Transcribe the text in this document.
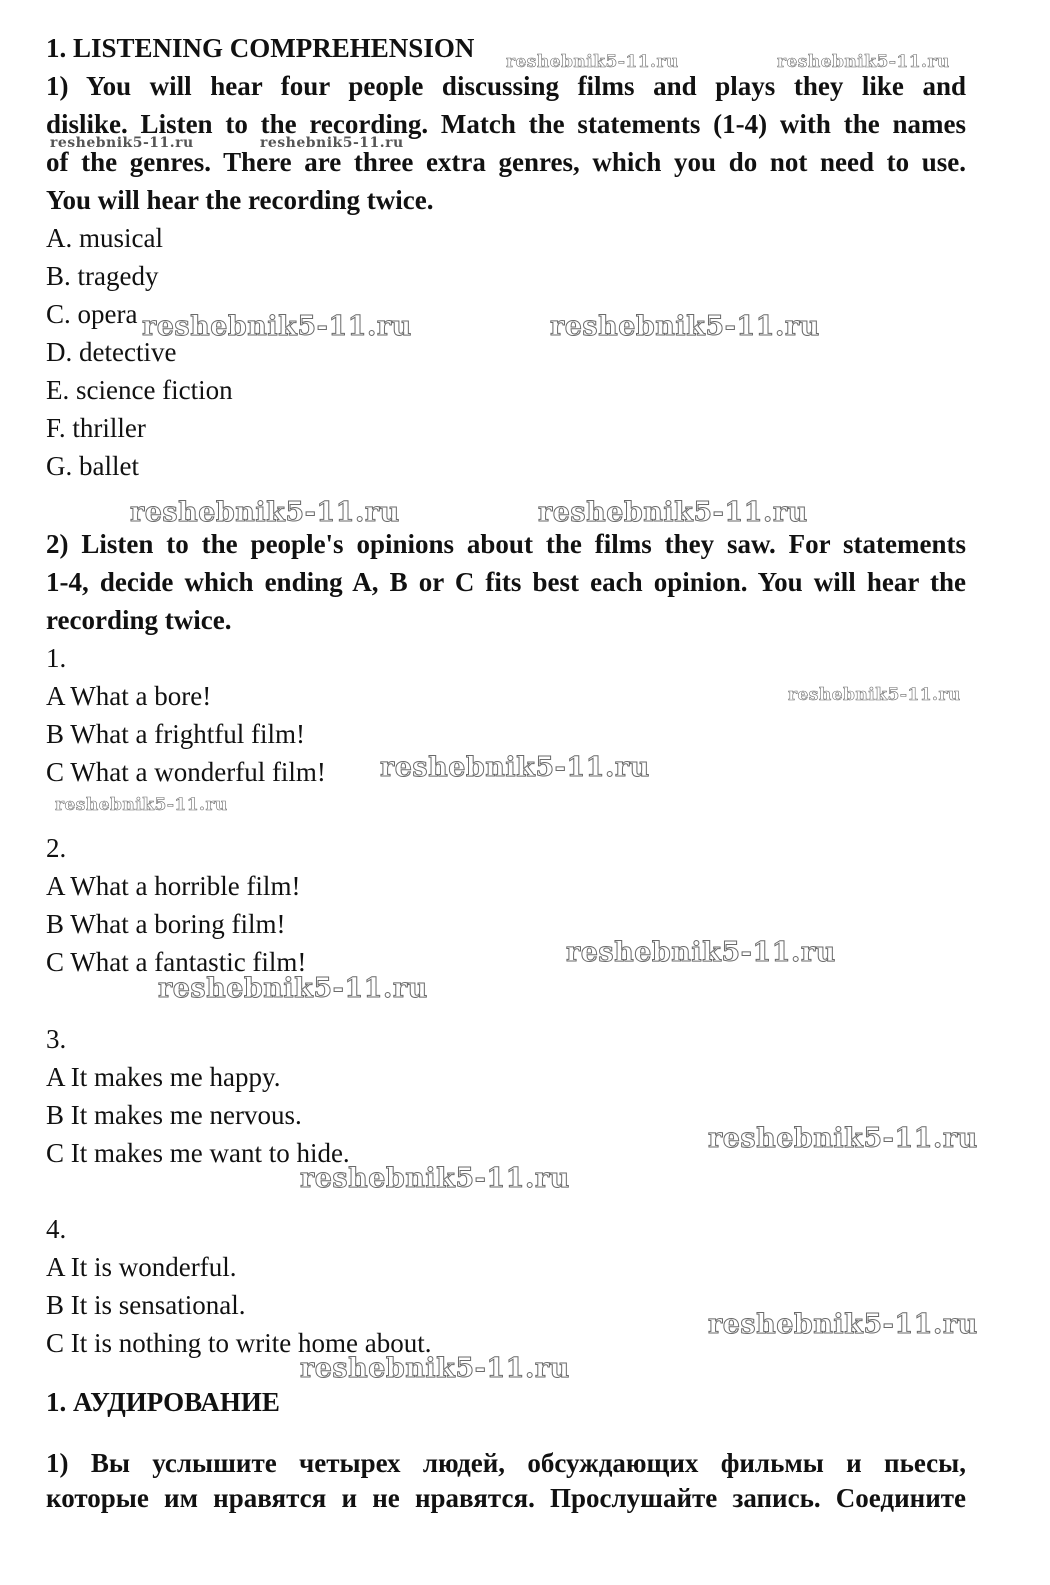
1. LISTENING COMPREHENSION
1) You will hear four people discussing films and plays they like and
dislike. Listen to the recording. Match the statements (1-4) with the names
of the genres. There are three extra genres, which you do not need to use.
You will hear the recording twice.
A. musical
B. tragedy
C. opera
D. detective
E. science fiction
F. thriller
G. ballet
2) Listen to the people's opinions about the films they saw. For statements
1-4, decide which ending A, B or C fits best each opinion. You will hear the
recording twice.
1.
A What a bore!
B What a frightful film!
C What a wonderful film!
2.
A What a horrible film!
B What a boring film!
C What a fantastic film!
3.
A It makes me happy.
B It makes me nervous.
C It makes me want to hide.
4.
A It is wonderful.
B It is sensational.
C It is nothing to write home about.
1. АУДИРОВАНИЕ
1) Вы услышите четырех людей, обсуждающих фильмы и пьесы,
которые им нравятся и не нравятся. Прослушайте запись. Соедините
reshebnik5-11.ru	reshebnik5-11.ru
reshebnik5-11.ru	reshebnik5-11.ru
reshebnik5-11.ru	reshebnik5-11.ru
reshebnik5-11.ru	reshebnik5-11.ru
reshebnik5-11.ru
reshebnik5-11.ru
reshebnik5-11.ru
reshebnik5-11.ru
reshebnik5-11.ru
reshebnik5-11.ru
reshebnik5-11.ru
reshebnik5-11.ru
reshebnik5-11.ru
